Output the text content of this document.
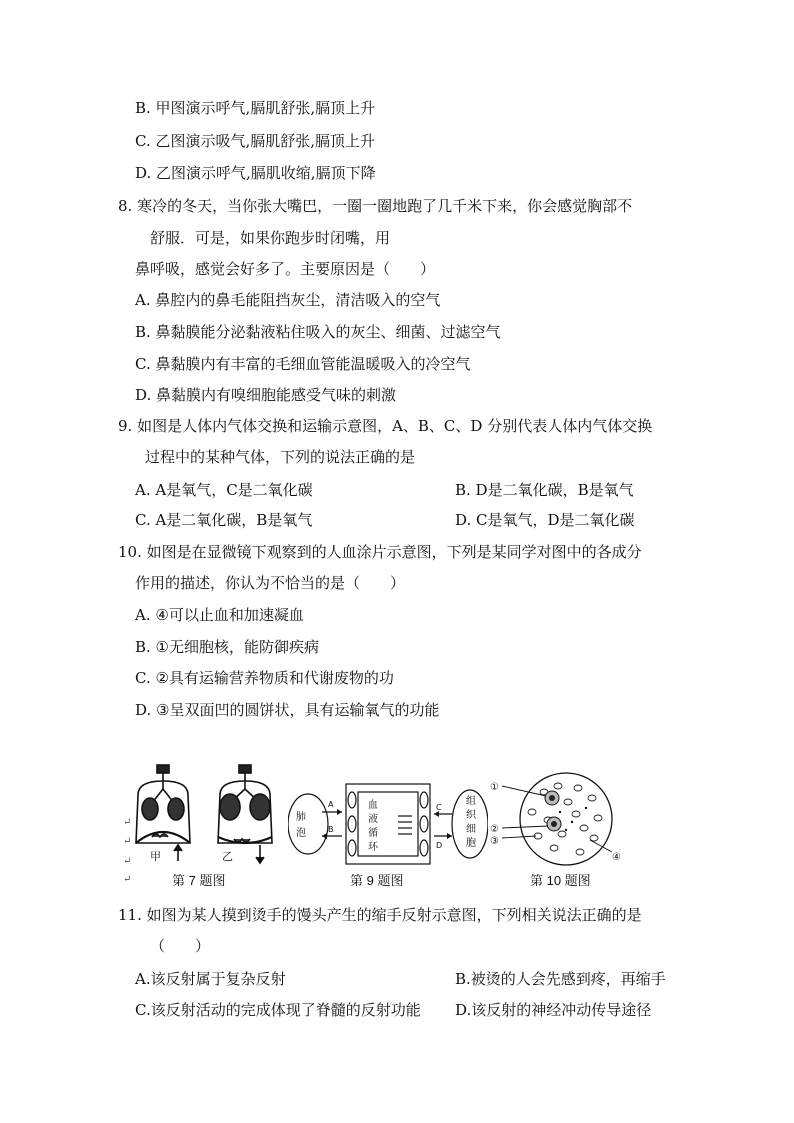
B. 甲图演示呼气,膈肌舒张,膈顶上升
C. 乙图演示吸气,膈肌舒张,膈顶上升
D. 乙图演示呼气,膈肌收缩,膈顶下降
8. 寒冷的冬天，当你张大嘴巴，一圈一圈地跑了几千米下来，你会感觉胸部不
舒服．可是，如果你跑步时闭嘴，用
鼻呼吸，感觉会好多了。主要原因是（　　）
A. 鼻腔内的鼻毛能阻挡灰尘，清洁吸入的空气
B. 鼻黏膜能分泌黏液粘住吸入的灰尘、细菌、过滤空气
C. 鼻黏膜内有丰富的毛细血管能温暖吸入的冷空气
D. 鼻黏膜内有嗅细胞能感受气味的刺激
9. 如图是人体内气体交换和运输示意图，A、B、C、D 分别代表人体内气体交换
过程中的某种气体，下列的说法正确的是
A. A是氧气，C是二氧化碳	B. D是二氧化碳，B是氧气
C. A是二氧化碳，B是氧气	D. C是氧气，D是二氧化碳
10. 如图是在显微镜下观察到的人血涂片示意图，下列是某同学对图中的各成分
作用的描述，你认为不恰当的是（　　）
A. ④可以止血和加速凝血
B. ①无细胞核，能防御疾病
C. ②具有运输营养物质和代谢废物的功
D. ③呈双面凹的圆饼状，具有运输氧气的功能
↵
↵
↵
↵
甲	乙
肺
泡
A
B
血
液
循
环
C
D
组
织
细
胞
①
②
③
④
第 7 题图	第 9 题图	第 10 题图
11. 如图为某人摸到烫手的馒头产生的缩手反射示意图，下列相关说法正确的是
（　　）
A.该反射属于复杂反射	B.被烫的人会先感到疼，再缩手
C.该反射活动的完成体现了脊髓的反射功能 D.该反射的神经冲动传导途径
